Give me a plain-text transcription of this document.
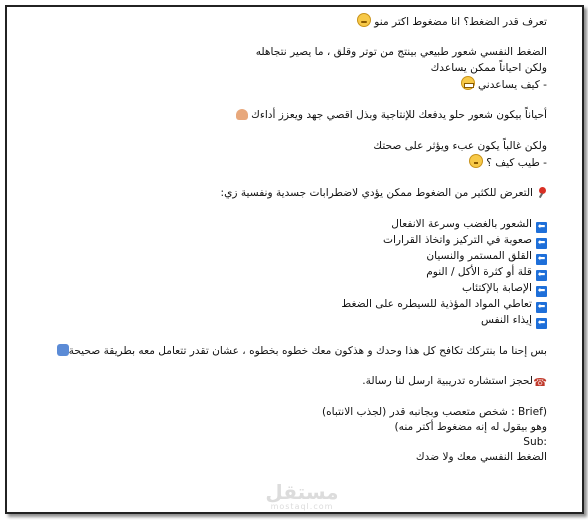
تعرف قدر الضغط؟ انا مضغوط اكتر منو
الضغط النفسي شعور طبيعي بينتج من توتر وقلق ، ما يصير نتجاهله
ولكن احياناً ممكن يساعدك
- كيف يساعدني
أحياناً بيكون شعور حلو يدفعك للإنتاجية وبذل اقصي جهد ويعزز أداءك
ولكن غالباً يكون عبء ويؤثر على صحتك
- طيب كيف ؟
التعرض للكثير من الضغوط ممكن يؤدي لاضطرابات جسدية ونفسية زي:
⬅الشعور بالغضب وسرعة الانفعال
⬅صعوبة في التركيز واتخاذ القرارات
⬅القلق المستمر والنسيان
⬅قلة أو كثرة الأكل / النوم
⬅الإصابة بالإكتئاب
⬅تعاطي المواد المؤذية للسيطره على الضغط
⬅إيذاء النفس
بس إحنا ما بنتركك تكافح كل هذا وحدك و هذكون معك خطوه بخطوه ، عشان تقدر تتعامل معه بطريقة صحيحة
☎لحجز استشاره تدريبية ارسل لنا رسالة.
(Brief : شخص متعصب وبجانبه قدر (لجذب الانتباه)
وهو بيقول له إنه مضغوط أكتر منه)
:Sub
الضغط النفسي معك ولا ضدك
مستقل
mostaql.com
